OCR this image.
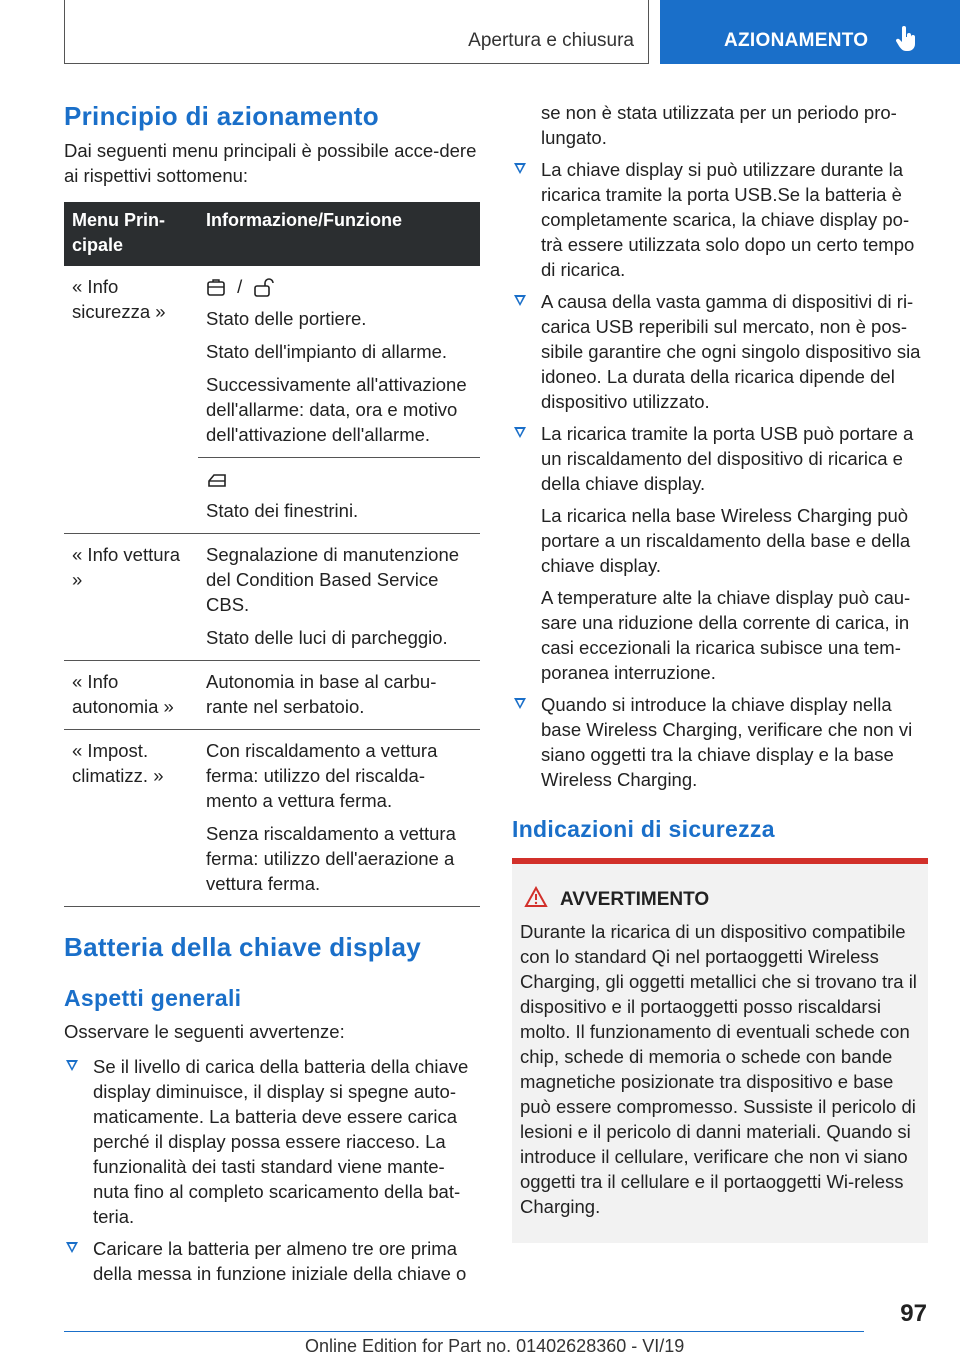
Apertura e chiusura	AZIONAMENTO
Principio di azionamento

Dai seguenti menu principali è possibile acce-dere ai rispettivi sottomenu:

Menu Prin-cipale	Informazione/Funzione
« Info sicurezza »	/

Stato delle portiere.

Stato dell'impianto di allarme.

Successivamente all'attivazione dell'allarme: data, ora e motivo dell'attivazione dell'allarme.

	Stato dei finestrini.

« Info vettura »	Segnalazione di manutenzione del Condition Based Service CBS.

Stato delle luci di parcheggio.

« Info autonomia »	Autonomia in base al carbu-rante nel serbatoio.

« Impost. climatizz. »	Con riscaldamento a vettura ferma: utilizzo del riscalda-mento a vettura ferma.

Senza riscaldamento a vettura ferma: utilizzo dell'aerazione a vettura ferma.

Batteria della chiave display
Aspetti generali

Osservare le seguenti avvertenze:

Se il livello di carica della batteria della chiave display diminuisce, il display si spegne auto-maticamente. La batteria deve essere carica perché il display possa essere riacceso. La funzionalità dei tasti standard viene mante-nuta fino al completo scaricamento della bat-teria.

Caricare la batteria per almeno tre ore prima della messa in funzione iniziale della chiave o

se non è stata utilizzata per un periodo pro-lungato.

La chiave display si può utilizzare durante la ricarica tramite la porta USB.Se la batteria è completamente scarica, la chiave display po-trà essere utilizzata solo dopo un certo tempo di ricarica.

A causa della vasta gamma di dispositivi di ri-carica USB reperibili sul mercato, non è pos-sibile garantire che ogni singolo dispositivo sia idoneo. La durata della ricarica dipende del dispositivo utilizzato.

La ricarica tramite la porta USB può portare a un riscaldamento del dispositivo di ricarica e della chiave display.

La ricarica nella base Wireless Charging può portare a un riscaldamento della base e della chiave display.

A temperature alte la chiave display può cau-sare una riduzione della corrente di carica, in casi eccezionali la ricarica subisce una tem-poranea interruzione.

Quando si introduce la chiave display nella base Wireless Charging, verificare che non vi siano oggetti tra la chiave display e la base Wireless Charging.

Indicazioni di sicurezza
AVVERTIMENTO

Durante la ricarica di un dispositivo compatibile con lo standard Qi nel portaoggetti Wireless Charging, gli oggetti metallici che si trovano tra il dispositivo e il portaoggetti posso riscaldarsi molto. Il funzionamento di eventuali schede con chip, schede di memoria o schede con bande magnetiche posizionate tra dispositivo e base può essere compromesso. Sussiste il pericolo di lesioni e il pericolo di danni materiali. Quando si introduce il cellulare, verificare che non vi siano oggetti tra il cellulare e il portaoggetti Wi-reless Charging.

97
Online Edition for Part no. 01402628360 - VI/19
